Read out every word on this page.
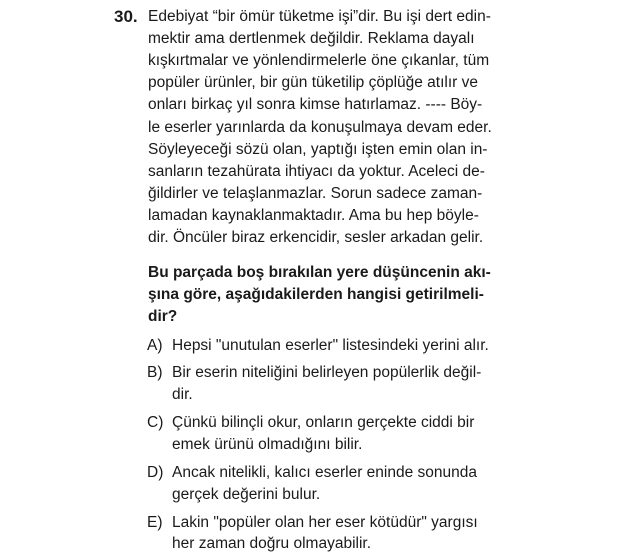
30. Edebiyat “bir ömür tüketme işi”dir. Bu işi dert edin-
mektir ama dertlenmek değildir. Reklama dayalı
kışkırtmalar ve yönlendirmelerle öne çıkanlar, tüm
popüler ürünler, bir gün tüketilip çöplüğe atılır ve
onları birkaç yıl sonra kimse hatırlamaz. ---- Böy-
le eserler yarınlarda da konuşulmaya devam eder.
Söyleyeceği sözü olan, yaptığı işten emin olan in-
sanların tezahürata ihtiyacı da yoktur. Aceleci de-
ğildirler ve telaşlanmazlar. Sorun sadece zaman-
lamadan kaynaklanmaktadır. Ama bu hep böyle-
dir. Öncüler biraz erkencidir, sesler arkadan gelir.
Bu parçada boş bırakılan yere düşüncenin akı-
şına göre, aşağıdakilerden hangisi getirilmeli-
dir?
A) Hepsi "unutulan eserler" listesindeki yerini alır.
B) Bir eserin niteliğini belirleyen popülerlik değil-
dir.
C) Çünkü bilinçli okur, onların gerçekte ciddi bir
emek ürünü olmadığını bilir.
D) Ancak nitelikli, kalıcı eserler eninde sonunda
gerçek değerini bulur.
E) Lakin "popüler olan her eser kötüdür" yargısı
her zaman doğru olmayabilir.
